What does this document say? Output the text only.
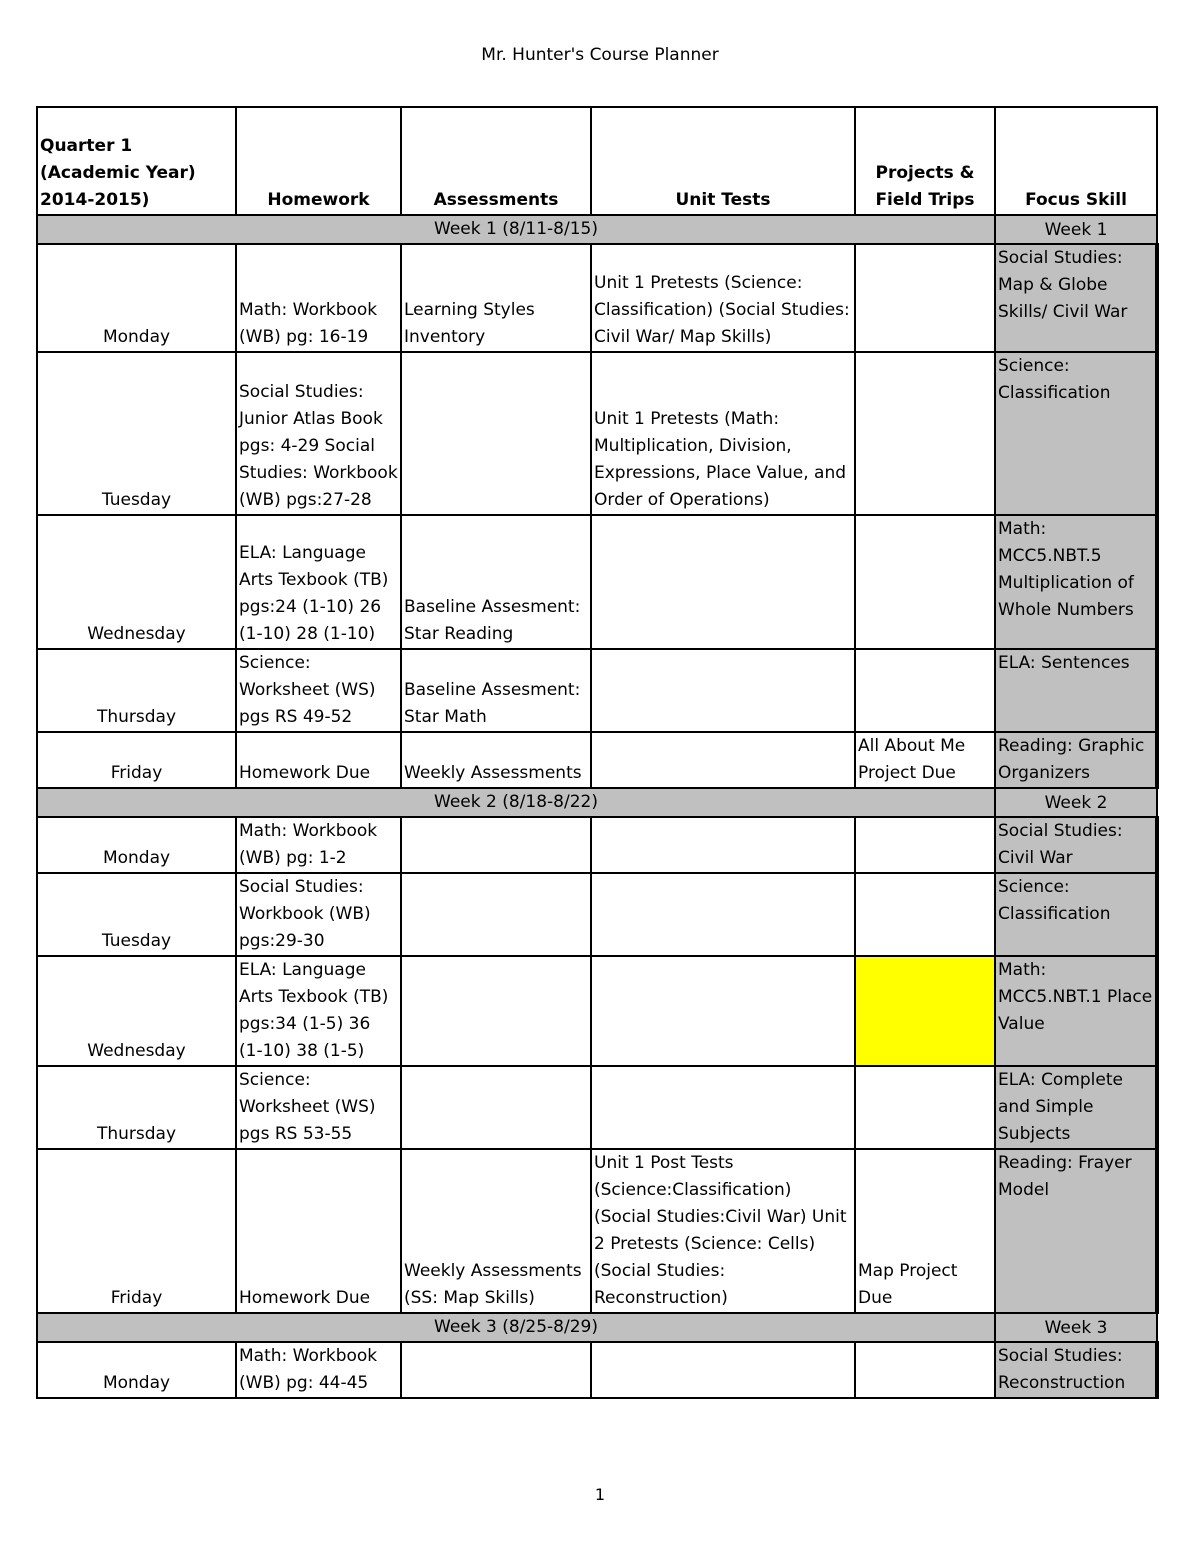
Mr. Hunter's Course Planner
Quarter 1 (Academic Year) 2014-2015)	Homework	Assessments	Unit Tests	Projects & Field Trips	Focus Skill
Week 1 (8/11-8/15)					Week 1
Monday	Math: Workbook (WB) pg: 16-19	Learning Styles Inventory	Unit 1 Pretests (Science: Classification) (Social Studies: Civil War/ Map Skills)		Social Studies: Map & Globe Skills/ Civil War
Tuesday	Social Studies: Junior Atlas Book pgs: 4-29 Social Studies: Workbook (WB) pgs:27-28		Unit 1 Pretests (Math: Multiplication, Division, Expressions, Place Value, and Order of Operations)		Science: Classification
Wednesday	ELA: Language Arts Texbook (TB) pgs:24 (1-10) 26 (1-10) 28 (1-10)	Baseline Assesment: Star Reading			Math: MCC5.NBT.5 Multiplication of Whole Numbers
Thursday	Science: Worksheet (WS) pgs RS 49-52	Baseline Assesment: Star Math			ELA: Sentences
Friday	Homework Due	Weekly Assessments		All About Me Project Due	Reading: Graphic Organizers
Week 2 (8/18-8/22)					Week 2
Monday	Math: Workbook (WB) pg: 1-2				Social Studies: Civil War
Tuesday	Social Studies: Workbook (WB) pgs:29-30				Science: Classification
Wednesday	ELA: Language Arts Texbook (TB) pgs:34 (1-5) 36 (1-10) 38 (1-5)				Math: MCC5.NBT.1 Place Value
Thursday	Science: Worksheet (WS) pgs RS 53-55				ELA: Complete and Simple Subjects
Friday	Homework Due	Weekly Assessments (SS: Map Skills)	Unit 1 Post Tests (Science:Classification) (Social Studies:Civil War) Unit 2 Pretests (Science: Cells) (Social Studies: Reconstruction)	Map Project Due	Reading: Frayer Model
Week 3 (8/25-8/29)					Week 3
Monday	Math: Workbook (WB) pg: 44-45				Social Studies: Reconstruction
1
